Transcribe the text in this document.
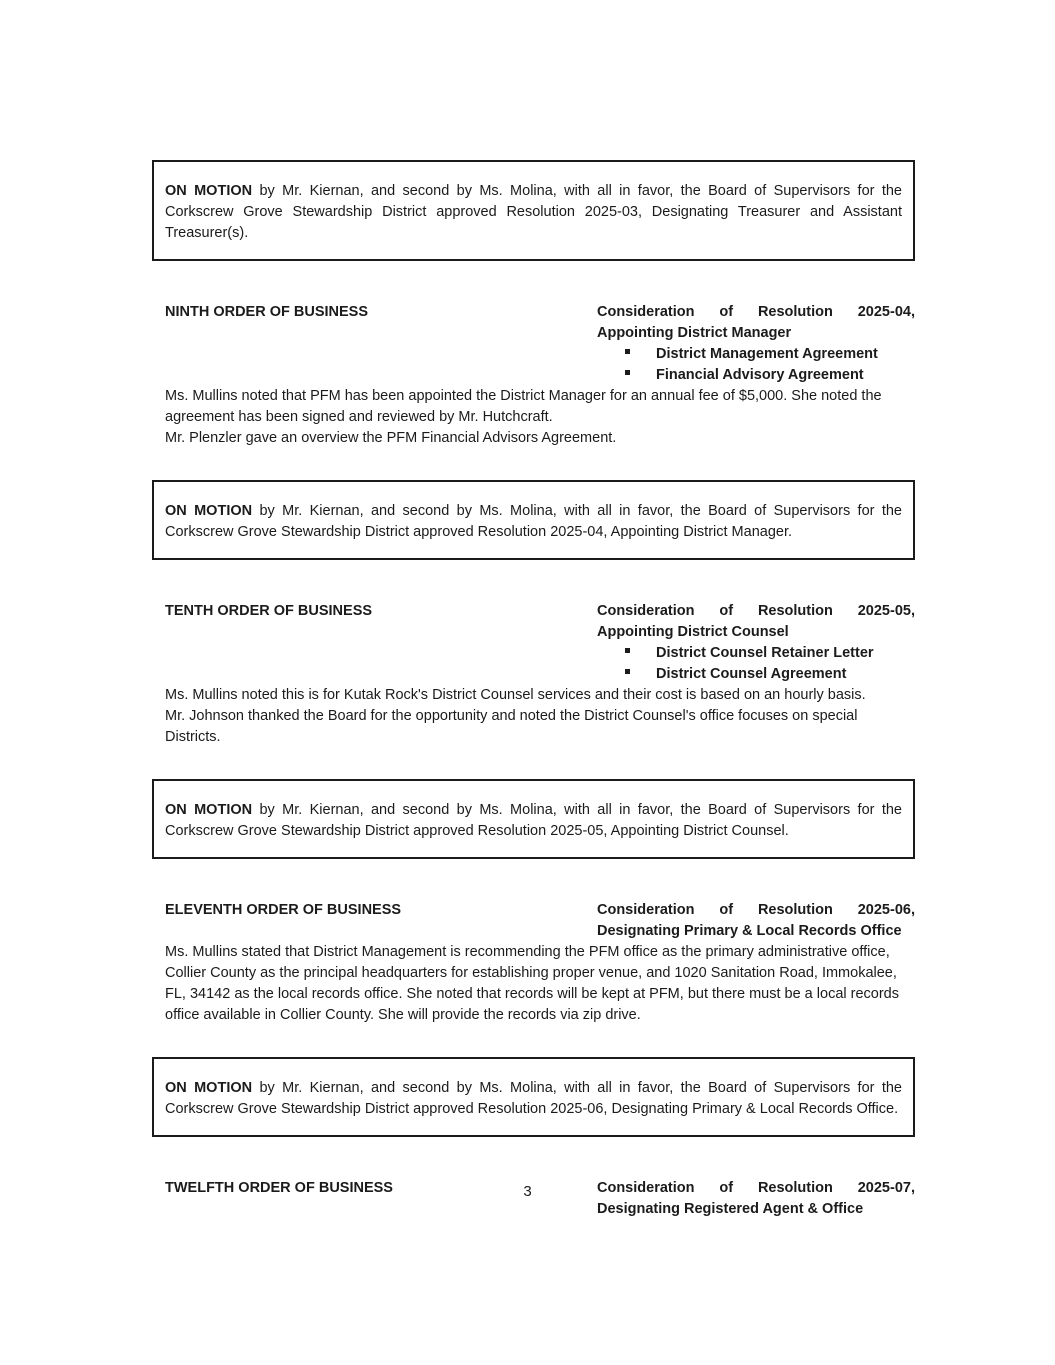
ON MOTION by Mr. Kiernan, and second by Ms. Molina, with all in favor, the Board of Supervisors for the Corkscrew Grove Stewardship District approved Resolution 2025-03, Designating Treasurer and Assistant Treasurer(s).

NINTH ORDER OF BUSINESS	Consideration of Resolution 2025-04,
Appointing District Manager
District Management Agreement
Financial Advisory Agreement

Ms. Mullins noted that PFM has been appointed the District Manager for an annual fee of $5,000. She noted the agreement has been signed and reviewed by Mr. Hutchcraft.

Mr. Plenzler gave an overview the PFM Financial Advisors Agreement.

ON MOTION by Mr. Kiernan, and second by Ms. Molina, with all in favor, the Board of Supervisors for the Corkscrew Grove Stewardship District approved Resolution 2025-04, Appointing District Manager.

TENTH ORDER OF BUSINESS	Consideration of Resolution 2025-05,
Appointing District Counsel
District Counsel Retainer Letter
District Counsel Agreement

Ms. Mullins noted this is for Kutak Rock's District Counsel services and their cost is based on an hourly basis.

Mr. Johnson thanked the Board for the opportunity and noted the District Counsel's office focuses on special Districts.

ON MOTION by Mr. Kiernan, and second by Ms. Molina, with all in favor, the Board of Supervisors for the Corkscrew Grove Stewardship District approved Resolution 2025-05, Appointing District Counsel.

ELEVENTH ORDER OF BUSINESS	Consideration of Resolution 2025-06,
Designating Primary & Local Records Office

Ms. Mullins stated that District Management is recommending the PFM office as the primary administrative office, Collier County as the principal headquarters for establishing proper venue, and 1020 Sanitation Road, Immokalee, FL, 34142 as the local records office. She noted that records will be kept at PFM, but there must be a local records office available in Collier County. She will provide the records via zip drive.

ON MOTION by Mr. Kiernan, and second by Ms. Molina, with all in favor, the Board of Supervisors for the Corkscrew Grove Stewardship District approved Resolution 2025-06, Designating Primary & Local Records Office.

TWELFTH ORDER OF BUSINESS	Consideration of Resolution 2025-07,
Designating Registered Agent & Office
3
